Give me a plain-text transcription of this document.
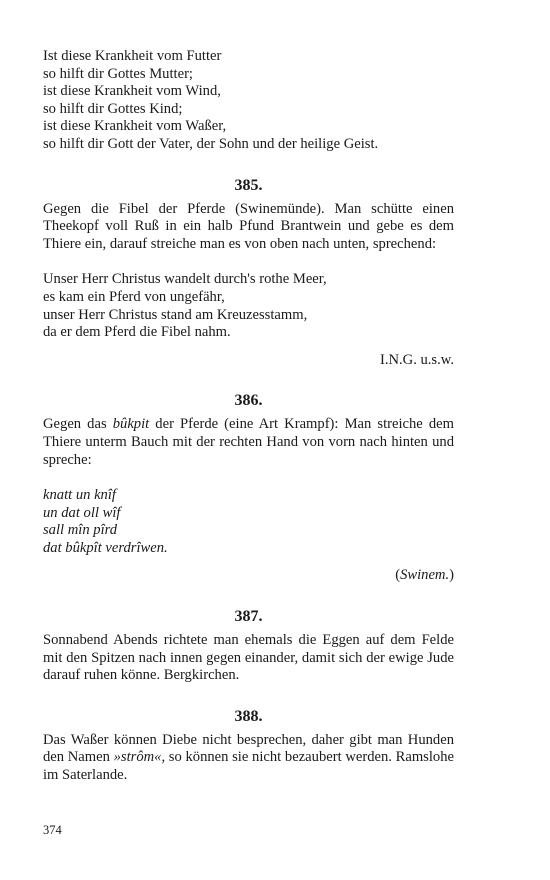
Ist diese Krankheit vom Futter
so hilft dir Gottes Mutter;
ist diese Krankheit vom Wind,
so hilft dir Gottes Kind;
ist diese Krankheit vom Waßer,
so hilft dir Gott der Vater, der Sohn und der heilige Geist.

385.

Gegen die Fibel der Pferde (Swinemünde). Man schütte einen Theekopf voll Ruß in ein halb Pfund Brantwein und gebe es dem Thiere ein, darauf streiche man es von oben nach unten, sprechend:

Unser Herr Christus wandelt durch's rothe Meer,
es kam ein Pferd von ungefähr,
unser Herr Christus stand am Kreuzesstamm,
da er dem Pferd die Fibel nahm.

I.N.G. u.s.w.

386.

Gegen das bûkpit der Pferde (eine Art Krampf): Man streiche dem Thiere unterm Bauch mit der rechten Hand von vorn nach hinten und spreche:

knatt un knîf
un dat oll wîf
sall mîn pîrd
dat bûkpît verdrîwen.

(Swinem.)

387.

Sonnabend Abends richtete man ehemals die Eggen auf dem Felde mit den Spitzen nach innen gegen einander, damit sich der ewige Jude darauf ruhen könne. Bergkirchen.

388.

Das Waßer können Diebe nicht besprechen, daher gibt man Hunden den Namen »strôm«, so können sie nicht bezaubert werden. Ramslohe im Saterlande.

374
